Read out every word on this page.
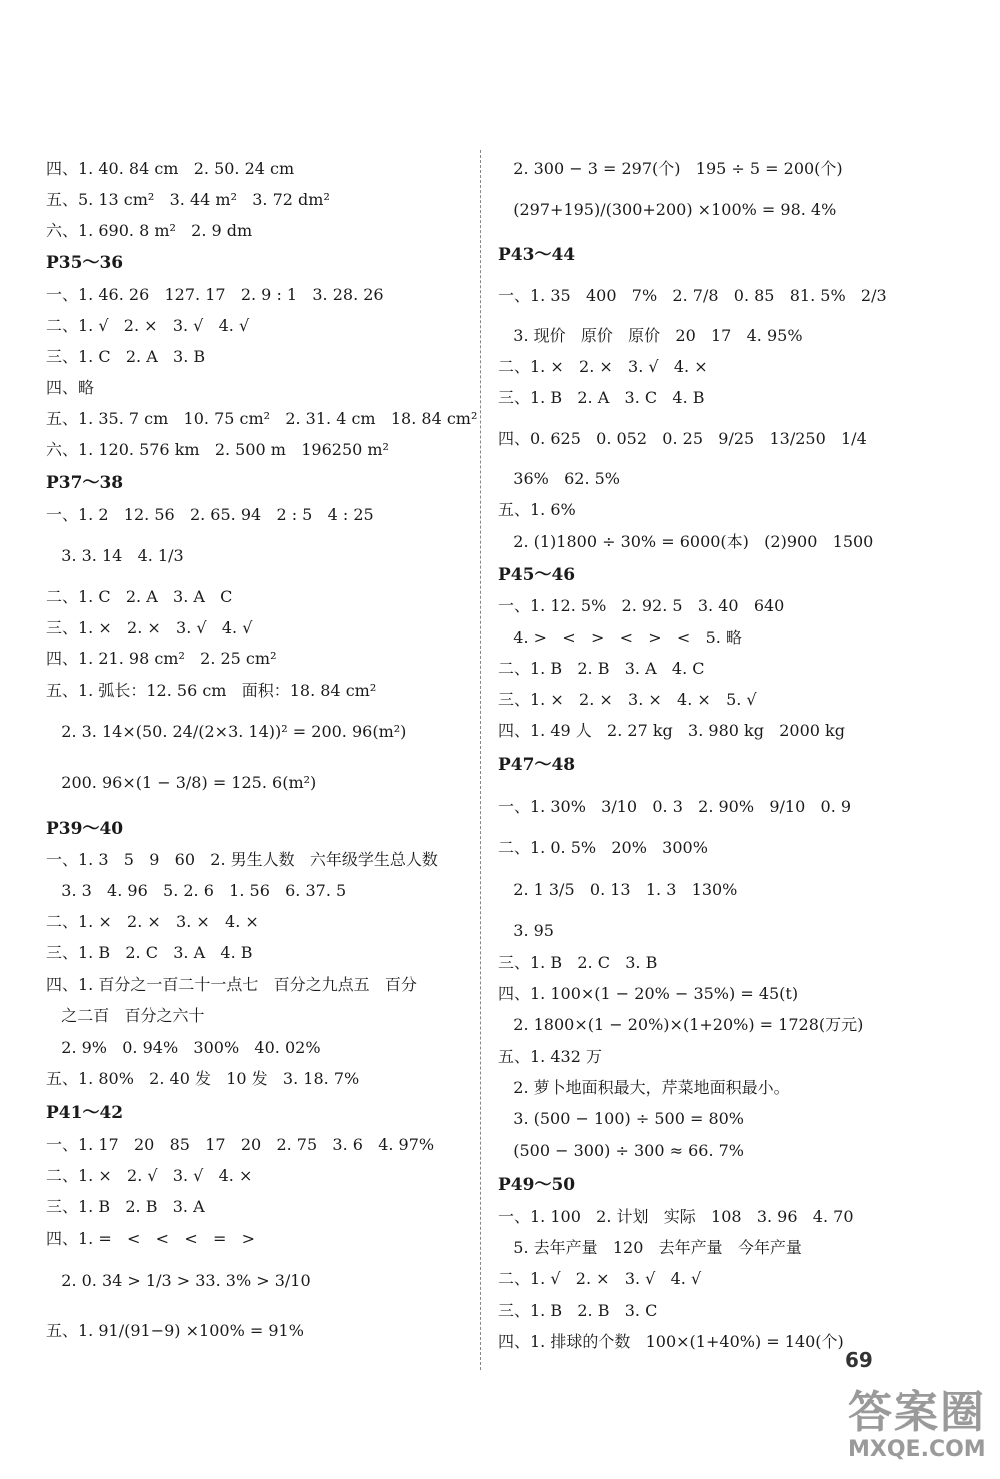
四、1. 40. 84 cm   2. 50. 24 cm
五、5. 13 cm²   3. 44 m²   3. 72 dm²
六、1. 690. 8 m²   2. 9 dm
P35～36
一、1. 46. 26   127. 17   2. 9 : 1   3. 28. 26
二、1. √   2. ×   3. √   4. √
三、1. C   2. A   3. B
四、略
五、1. 35. 7 cm   10. 75 cm²   2. 31. 4 cm   18. 84 cm²
六、1. 120. 576 km   2. 500 m   196250 m²
P37～38
一、1. 2   12. 56   2. 65. 94   2 : 5   4 : 25
3. 3. 14   4. 1/3
二、1. C   2. A   3. A   C
三、1. ×   2. ×   3. √   4. √
四、1. 21. 98 cm²   2. 25 cm²
五、1. 弧长：12. 56 cm   面积：18. 84 cm²
2. 3. 14×(50. 24/(2×3. 14))² = 200. 96(m²)
200. 96×(1 − 3/8) = 125. 6(m²)
P39～40
一、1. 3   5   9   60   2. 男生人数   六年级学生总人数
3. 3   4. 96   5. 2. 6   1. 56   6. 37. 5
二、1. ×   2. ×   3. ×   4. ×
三、1. B   2. C   3. A   4. B
四、1. 百分之一百二十一点七   百分之九点五   百分
之二百   百分之六十
2. 9%   0. 94%   300%   40. 02%
五、1. 80%   2. 40 发   10 发   3. 18. 7%
P41～42
一、1. 17   20   85   17   20   2. 75   3. 6   4. 97%
二、1. ×   2. √   3. √   4. ×
三、1. B   2. B   3. A
四、1. =   <   <   <   =   >
2. 0. 34 > 1/3 > 33. 3% > 3/10
五、1. 91/(91−9) ×100% = 91%
2. 300 − 3 = 297(个)   195 ÷ 5 = 200(个)
(297+195)/(300+200) ×100% = 98. 4%
P43～44
一、1. 35   400   7%   2. 7/8   0. 85   81. 5%   2/3
3. 现价   原价   原价   20   17   4. 95%
二、1. ×   2. ×   3. √   4. ×
三、1. B   2. A   3. C   4. B
四、0. 625   0. 052   0. 25   9/25   13/250   1/4
36%   62. 5%
五、1. 6%
2. (1)1800 ÷ 30% = 6000(本)   (2)900   1500
P45～46
一、1. 12. 5%   2. 92. 5   3. 40   640
4. >   <   >   <   >   <   5. 略
二、1. B   2. B   3. A   4. C
三、1. ×   2. ×   3. ×   4. ×   5. √
四、1. 49 人   2. 27 kg   3. 980 kg   2000 kg
P47～48
一、1. 30%   3/10   0. 3   2. 90%   9/10   0. 9
二、1. 0. 5%   20%   300%
2. 1 3/5   0. 13   1. 3   130%
3. 95
三、1. B   2. C   3. B
四、1. 100×(1 − 20% − 35%) = 45(t)
2. 1800×(1 − 20%)×(1+20%) = 1728(万元)
五、1. 432 万
2. 萝卜地面积最大，芹菜地面积最小。
3. (500 − 100) ÷ 500 = 80%
(500 − 300) ÷ 300 ≈ 66. 7%
P49～50
一、1. 100   2. 计划   实际   108   3. 96   4. 70
5. 去年产量   120   去年产量   今年产量
二、1. √   2. ×   3. √   4. √
三、1. B   2. B   3. C
四、1. 排球的个数   100×(1+40%) = 140(个)
69
答案圈
MXQE.COM
